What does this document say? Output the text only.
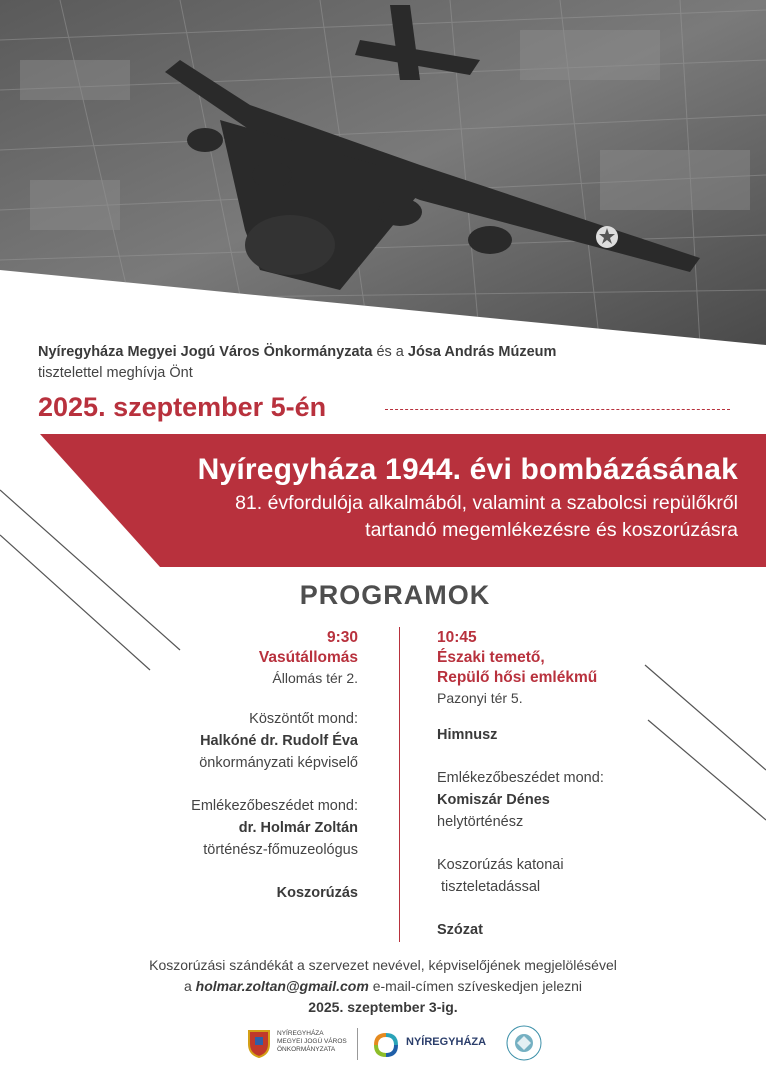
Nyíregyháza Megyei Jogú Város Önkormányzata és a Jósa András Múzeum
tisztelettel meghívja Önt
2025. szeptember 5-én
Nyíregyháza 1944. évi bombázásának
81. évfordulója alkalmából, valamint a szabolcsi repülőkről
tartandó megemlékezésre és koszorúzásra
PROGRAMOK
9:30
Vasútállomás
Állomás tér 2.
Köszöntőt mond:
Halkóné dr. Rudolf Éva
önkormányzati képviselő
Emlékezőbeszédet mond:
dr. Holmár Zoltán
történész-főmuzeológus
Koszorúzás
10:45
Északi temető,
Repülő hősi emlékmű
Pazonyi tér 5.
Himnusz
Emlékezőbeszédet mond:
Komiszár Dénes
helytörténész
Koszorúzás katonai
tiszteletadással
Szózat
Koszorúzási szándékát a szervezet nevével, képviselőjének megjelölésével
a holmar.zoltan@gmail.com e-mail-címen szíveskedjen jelezni
2025. szeptember 3-ig.
NYÍREGYHÁZA
MEGYEI JOGÚ VÁROS
ÖNKORMÁNYZATA
NYÍREGYHÁZA
